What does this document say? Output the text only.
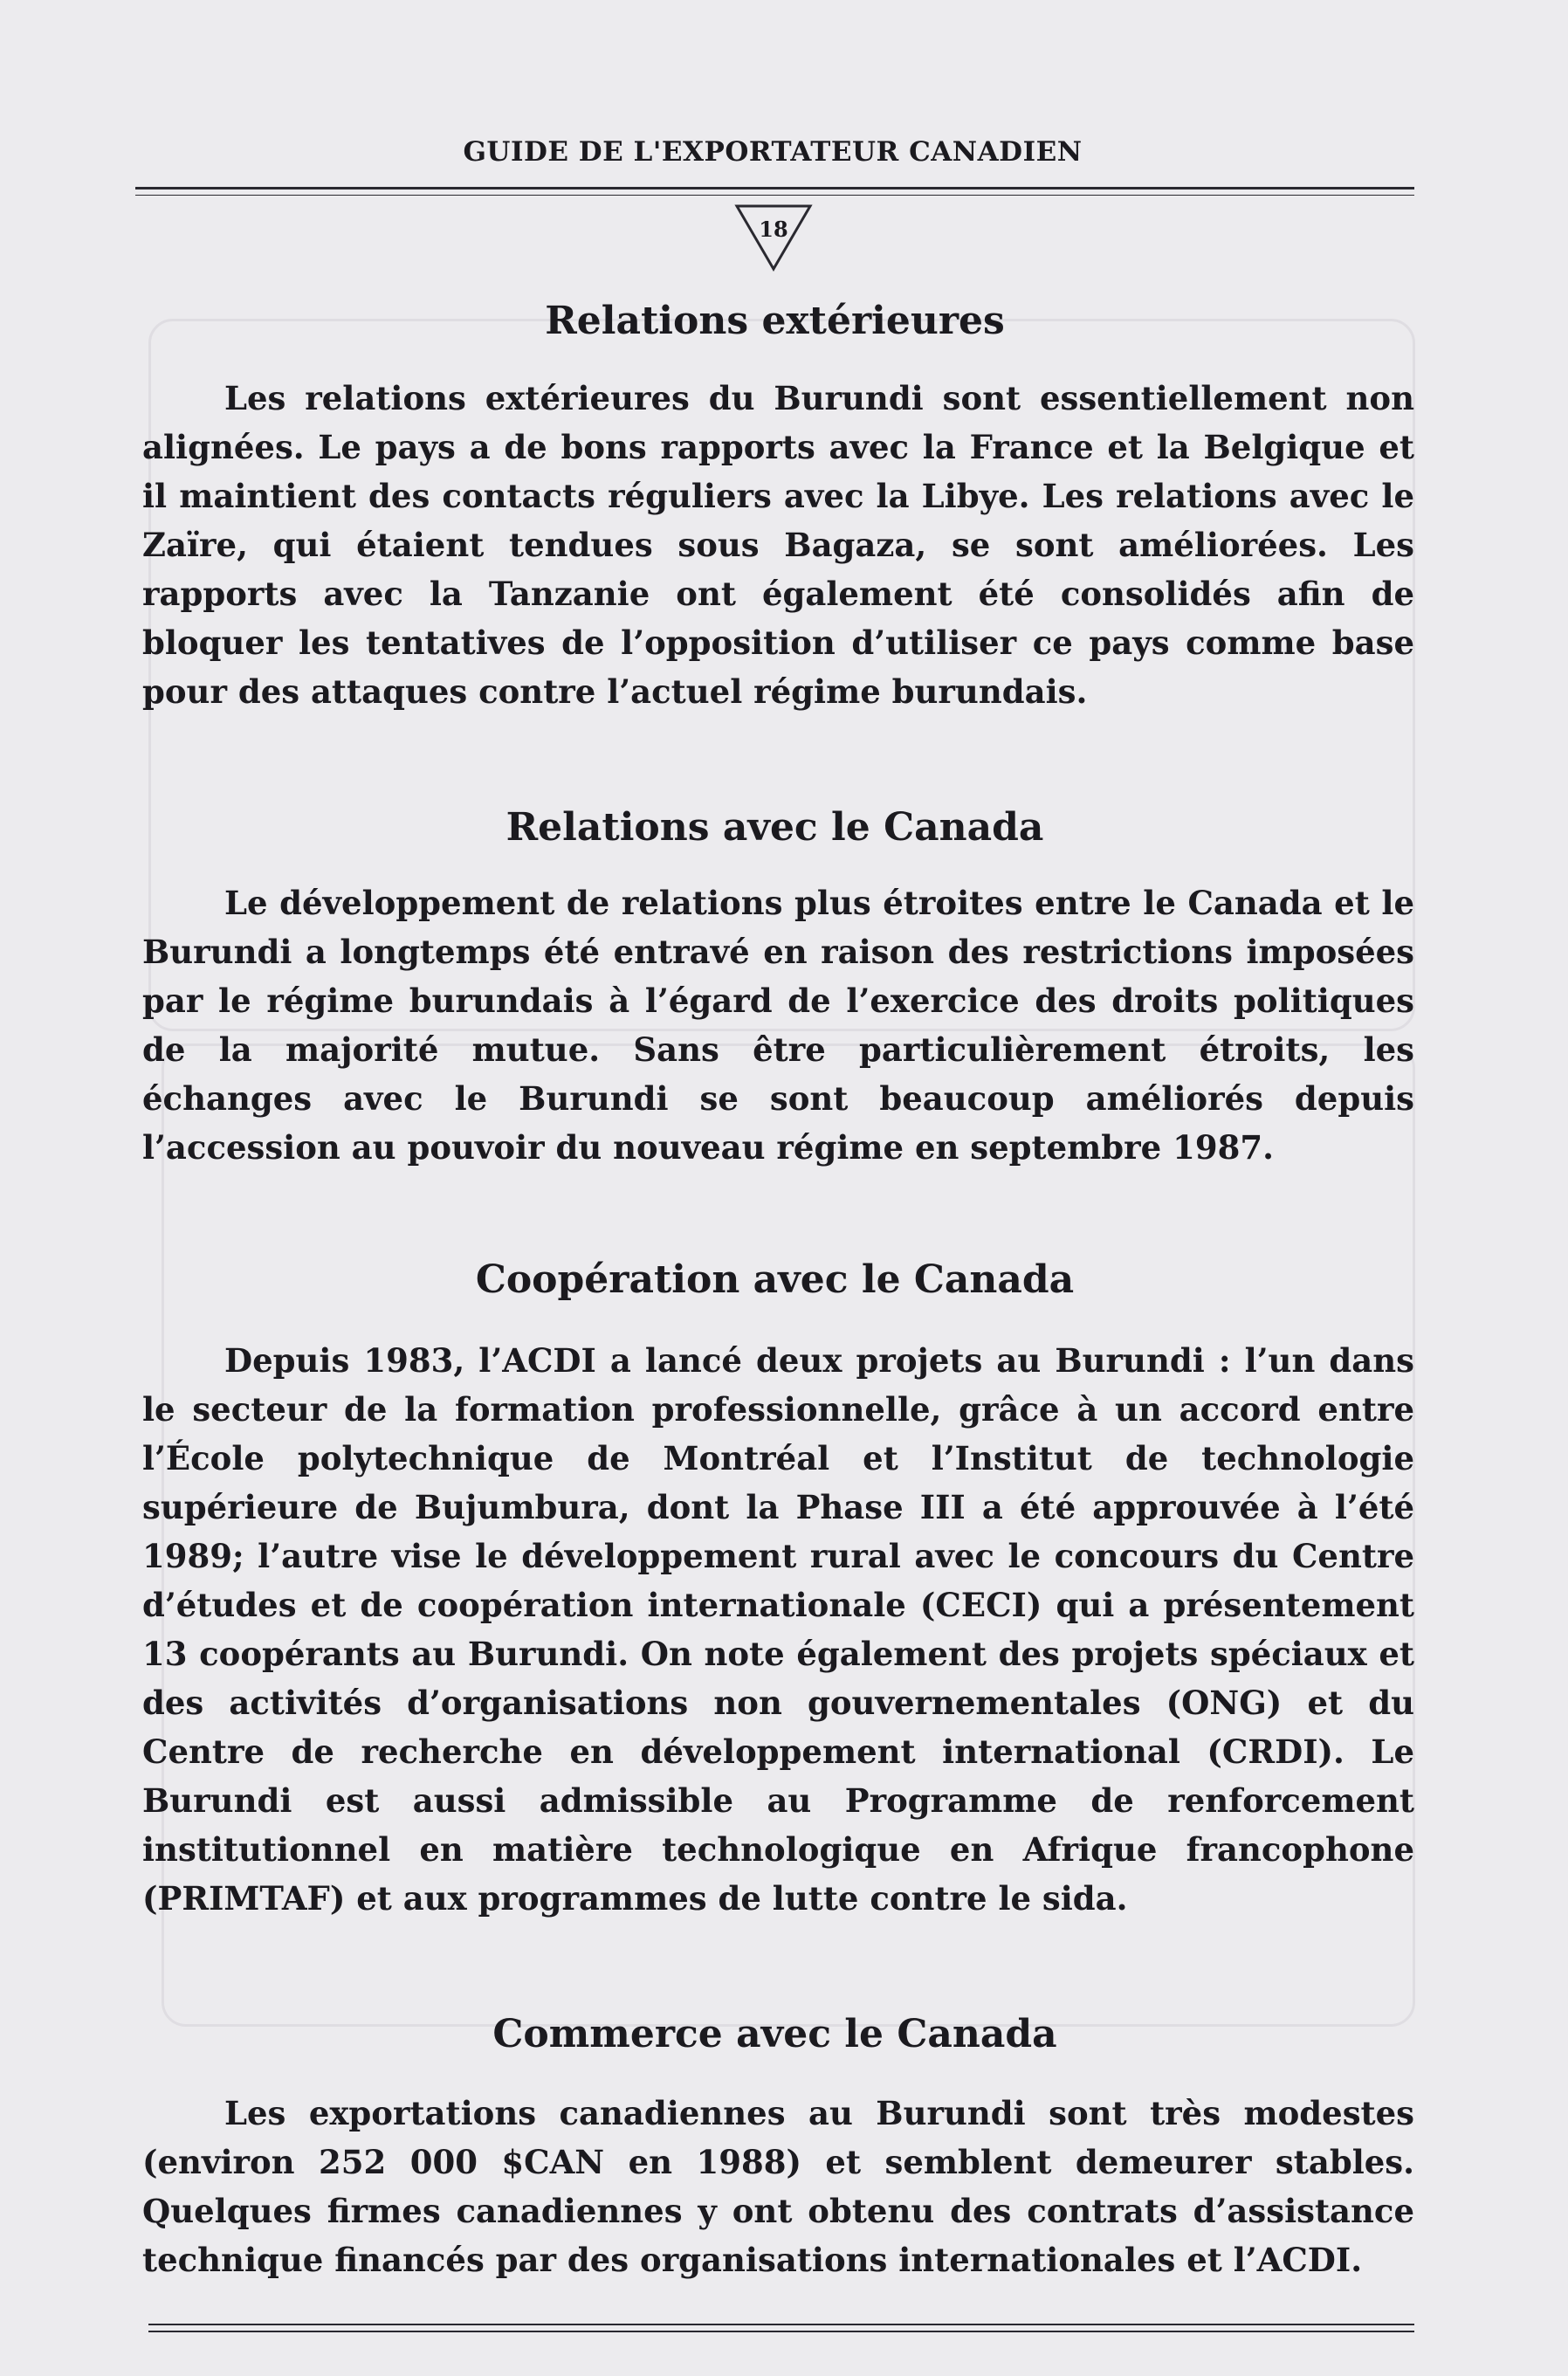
GUIDE DE L'EXPORTATEUR CANADIEN
18
Relations extérieures

Les relations extérieures du Burundi sont essentiellement non alignées. Le pays a de bons rapports avec la France et la Belgique et il maintient des contacts réguliers avec la Libye. Les relations avec le Zaïre, qui étaient tendues sous Bagaza, se sont améliorées. Les rapports avec la Tanzanie ont également été consolidés afin de bloquer les tentatives de l’opposition d’utiliser ce pays comme base pour des attaques contre l’actuel régime burundais.

Relations avec le Canada

Le développement de relations plus étroites entre le Canada et le Burundi a longtemps été entravé en raison des restrictions imposées par le régime burundais à l’égard de l’exercice des droits politiques de la majorité mutue. Sans être particulièrement étroits, les échanges avec le Burundi se sont beaucoup améliorés depuis l’accession au pouvoir du nouveau régime en septembre 1987.

Coopération avec le Canada

Depuis 1983, l’ACDI a lancé deux projets au Burundi : l’un dans le secteur de la formation professionnelle, grâce à un accord entre l’École polytechnique de Montréal et l’Institut de technologie supérieure de Bujumbura, dont la Phase III a été approuvée à l’été 1989; l’autre vise le développement rural avec le concours du Centre d’études et de coopération internationale (CECI) qui a présentement 13 coopérants au Burundi. On note également des projets spéciaux et des activités d’organisations non gouvernementales (ONG) et du Centre de recherche en développement international (CRDI). Le Burundi est aussi admissible au Programme de renforcement institutionnel en matière technologique en Afrique francophone (PRIMTAF) et aux programmes de lutte contre le sida.

Commerce avec le Canada

Les exportations canadiennes au Burundi sont très modestes (environ 252 000 $CAN en 1988) et semblent demeurer stables. Quelques firmes canadiennes y ont obtenu des contrats d’assistance technique financés par des organisations internationales et l’ACDI.
